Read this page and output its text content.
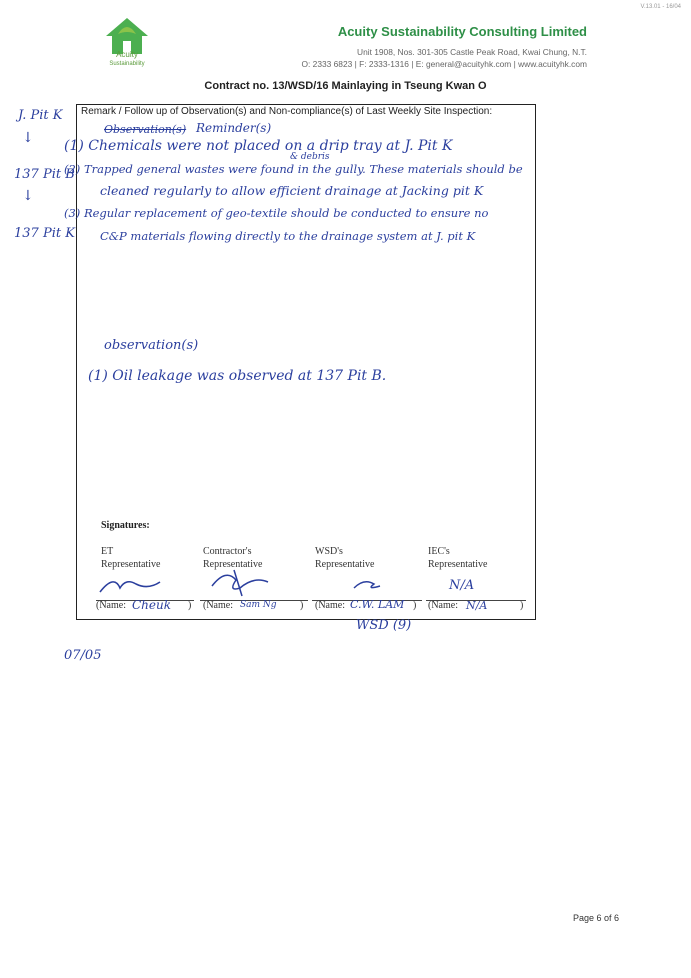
V.13.01 - 16/04
Acuity
Sustainability
Acuity Sustainability Consulting Limited
Unit 1908, Nos. 301-305 Castle Peak Road, Kwai Chung, N.T.
O: 2333 6823 | F: 2333-1316 | E: general@acuityhk.com | www.acuityhk.com
Contract no. 13/WSD/16 Mainlaying in Tseung Kwan O
Remark / Follow up of Observation(s) and Non-compliance(s) of Last Weekly Site Inspection:
J. Pit K
↓
137 Pit B
↓
137 Pit K
Observation(s) Reminder(s)
(1) Chemicals were not placed on a drip tray at J. Pit K
& debris
(2) Trapped general wastes were found in the gully. These materials should be
cleaned regularly to allow efficient drainage at Jacking pit K
(3) Regular replacement of geo-textile should be conducted to ensure no
C&P materials flowing directly to the drainage system at J. pit K
observation(s)
(1) Oil leakage was observed at 137 Pit B.
Signatures:
ET
Representative
Contractor's
Representative
WSD's
Representative
IEC's
Representative
N/A
(Name: Cheuk ) (Name: Sam Ng ) (Name: C.W. LAM ) (Name: N/A	)
WSD (9)
07/05
Page 6 of 6
